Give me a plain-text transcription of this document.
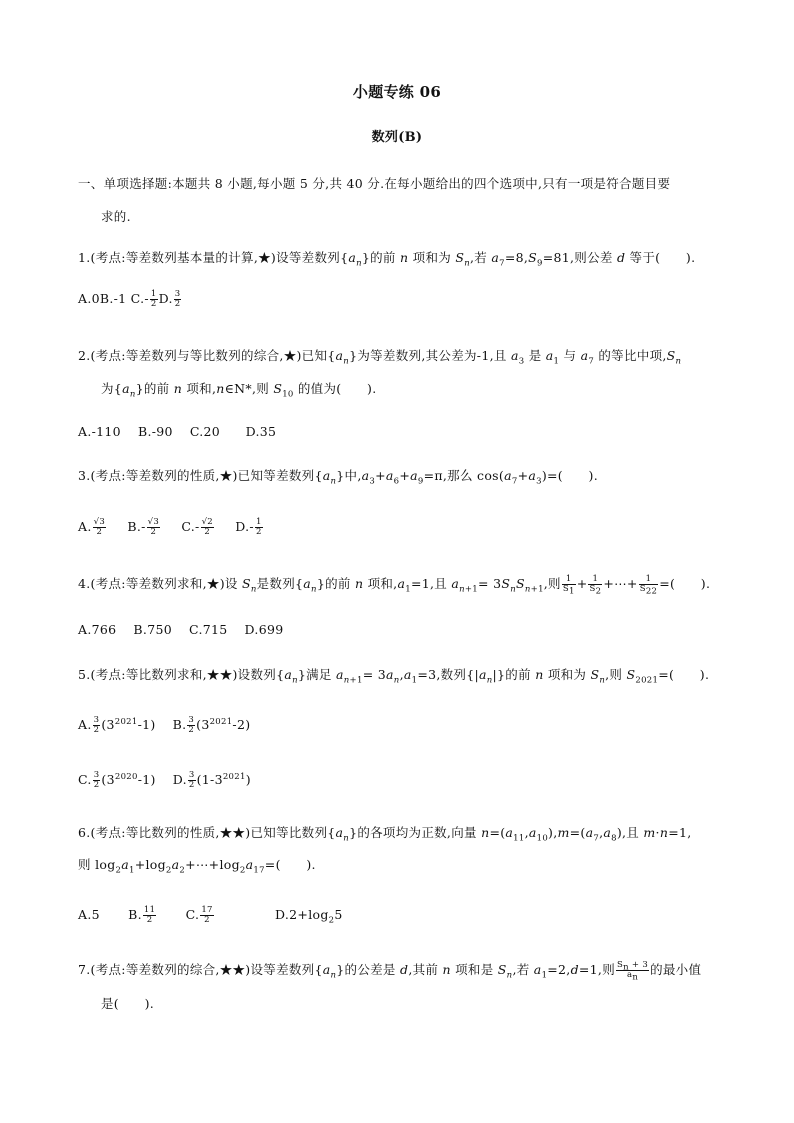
小题专练 06
数列(B)
一、单项选择题:本题共 8 小题,每小题 5 分,共 40 分.在每小题给出的四个选项中,只有一项是符合题目要
求的.
1.(考点:等差数列基本量的计算,★)设等差数列$\{a_n\}$的前 n 项和为 $S_n$,若 $a_7=8,S_9=81$,则公差 d 等于(　　).
A.0B.-1 $C.- \frac{1}{2} D$. $\frac{3}{2}$
2.(考点:等差数列与等比数列的综合,★)已知$\{a_n\}$为等差数列,其公差为-1,且 $a_3$ 是 $a_1$ 与 $a_7$ 的等比中项$,S_n$
为$\{a_n\}$的前 n 项和,n∈N*,则 $S_{10}$ 的值为(　　).
A.-110　 B.-90　 C.20　　D.35
3.(考点:等差数列的性质,★)已知等差数列$\{a_n\}$中$,a_3+a_6+a_9=\pi$,那么 $\cos(a_7+a_3)=$(　　).
A. $\frac{√3}{2} B.- \frac{√3}{2} C.- \frac{√2}{2} D.- \frac{1}{2}$
4.(考点:等差数列求和,★)设 $S_n$是数列$\{a_n\}$的前 n 项和$,a_1=1$,且 $a_{n+1}= 3S_nS_{n+1}$,则 $\frac{1}{S_1} + \frac{1}{S_2}$ +⋯+ $\frac{1}{S_{22}}$ =(　　).
A.766　 B.750　 C.715　 D.699
5.(考点:等比数列求和,★★)设数列$\{a_n\}$满足 $a_{n+1}= 3a_n,a_1=3$,数列$\{|a_n|\}$的前 n 项和为 $S_n$,则 $S_{2021}=$(　　).
A. $\frac{3}{2} (3^{2021}-1)$ 　B. $\frac{3}{2} (3^{2021}-2)$
C. $\frac{3}{2} (3^{2020}-1)$ 　D. $\frac{3}{2} (1-3^{2021})$
6.(考点:等比数列的性质,★★)已知等比数列$\{a_n\}$的各项均为正数,向量 $n=(a_{11},a_{10}),m=(a_7,a_8)$,且 m·n=1,
则 $\log_2a_1+\log_2a_2+\cdots+\log_2a_{17}=$(　　).
A.5 B. $\frac{11}{2} C$. $\frac{17}{2}$	$D.2+\log_25$
7.(考点:等差数列的综合,★★)设等差数列$\{a_n\}$的公差是 d,其前 n 项和是 $S_n$,若 $a_1=2,d=1$,则 $\frac{S_n + 3}{a_n}$ 的最小值
是(　　).
